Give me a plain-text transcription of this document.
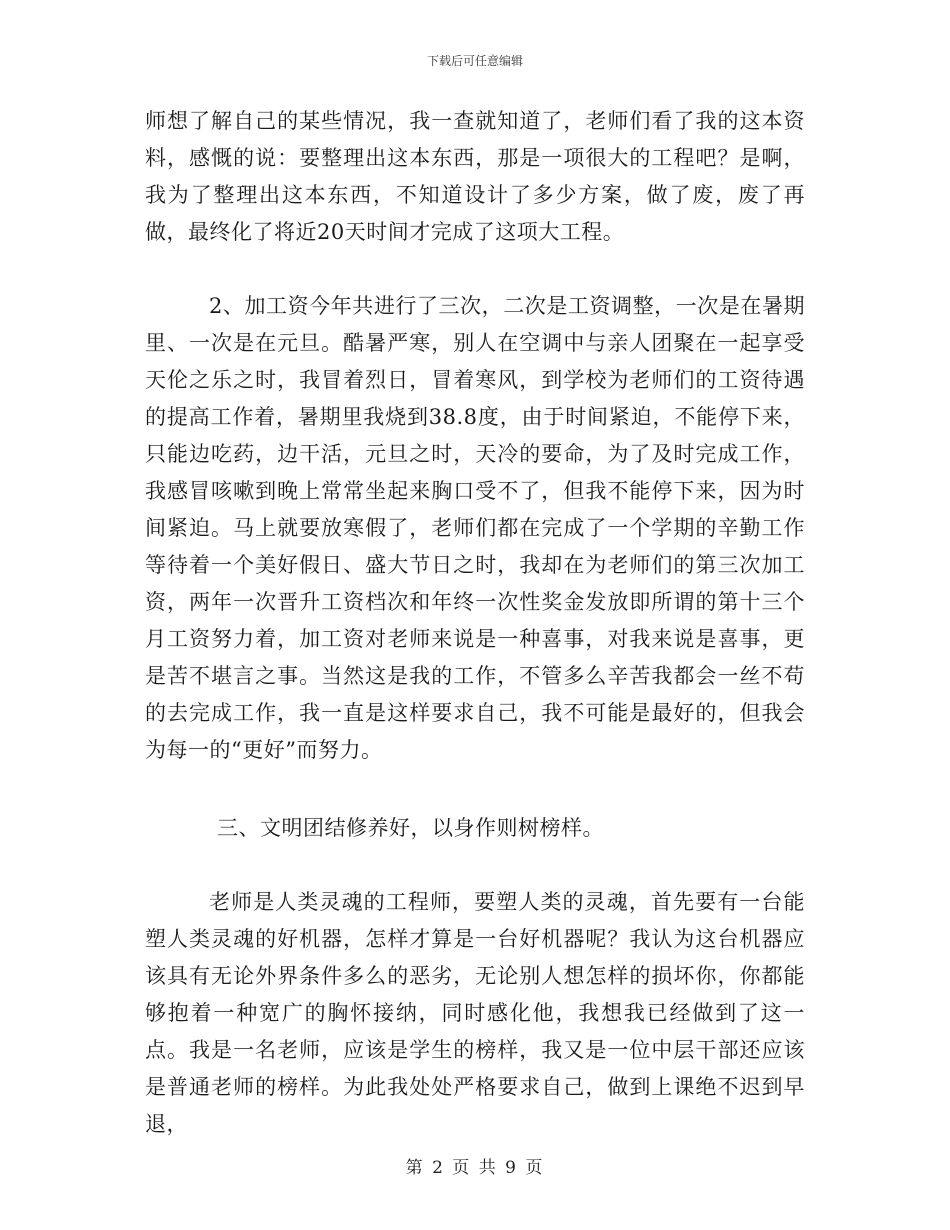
下载后可任意编辑

师想了解自己的某些情况，我一查就知道了，老师们看了我的这本资料，感慨的说：要整理出这本东西，那是一项很大的工程吧？是啊，我为了整理出这本东西，不知道设计了多少方案，做了废，废了再做，最终化了将近20天时间才完成了这项大工程。

2、加工资今年共进行了三次，二次是工资调整，一次是在暑期里、一次是在元旦。酷暑严寒，别人在空调中与亲人团聚在一起享受天伦之乐之时，我冒着烈日，冒着寒风，到学校为老师们的工资待遇的提高工作着，暑期里我烧到38.8度，由于时间紧迫，不能停下来，只能边吃药，边干活，元旦之时，天冷的要命，为了及时完成工作，我感冒咳嗽到晚上常常坐起来胸口受不了，但我不能停下来，因为时间紧迫。马上就要放寒假了，老师们都在完成了一个学期的辛勤工作等待着一个美好假日、盛大节日之时，我却在为老师们的第三次加工资，两年一次晋升工资档次和年终一次性奖金发放即所谓的第十三个月工资努力着，加工资对老师来说是一种喜事，对我来说是喜事，更是苦不堪言之事。当然这是我的工作，不管多么辛苦我都会一丝不苟的去完成工作，我一直是这样要求自己，我不可能是最好的，但我会为每一的“更好”而努力。

三、文明团结修养好，以身作则树榜样。

老师是人类灵魂的工程师，要塑人类的灵魂，首先要有一台能塑人类灵魂的好机器，怎样才算是一台好机器呢？我认为这台机器应该具有无论外界条件多么的恶劣，无论别人想怎样的损坏你，你都能够抱着一种宽广的胸怀接纳，同时感化他，我想我已经做到了这一点。我是一名老师，应该是学生的榜样，我又是一位中层干部还应该是普通老师的榜样。为此我处处严格要求自己，做到上课绝不迟到早退，

第 2 页 共 9 页
